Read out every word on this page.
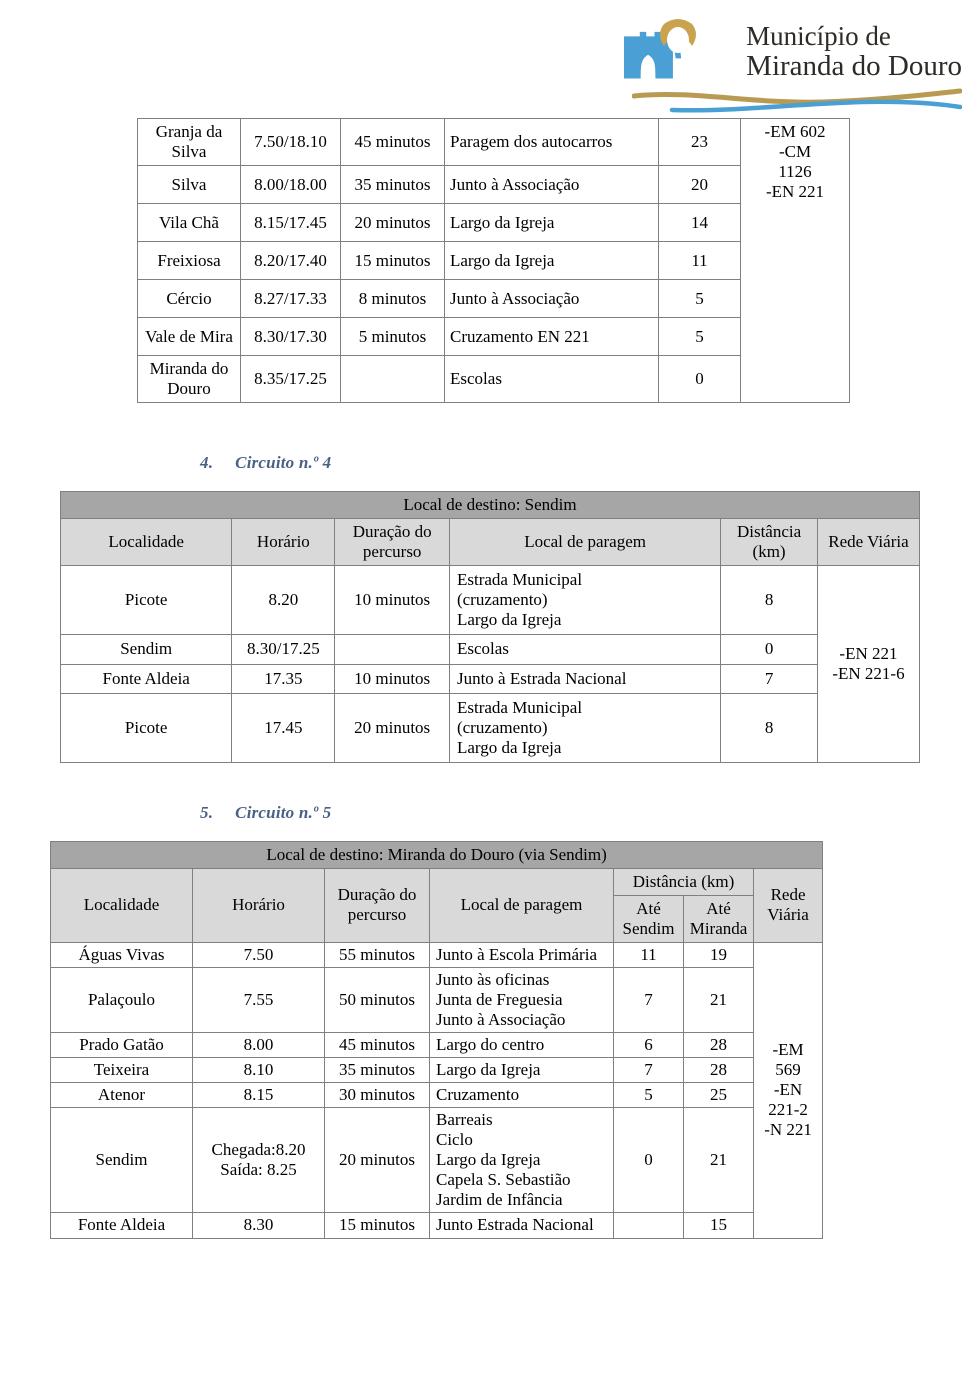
Município de
Miranda do Douro
Granja da Silva	7.50/18.10	45 minutos	Paragem dos autocarros	23	-EM 602
-CM
1126
-EN 221
Silva	8.00/18.00	35 minutos	Junto à Associação	20	
Vila Chã	8.15/17.45	20 minutos	Largo da Igreja	14	
Freixiosa	8.20/17.40	15 minutos	Largo da Igreja	11	
Cércio	8.27/17.33	8 minutos	Junto à Associação	5	
Vale de Mira	8.30/17.30	5 minutos	Cruzamento EN 221	5	
Miranda do Douro	8.35/17.25		Escolas	0	

4. Circuito n.º 4

Local de destino: Sendim					
Localidade	Horário	Duração do percurso	Local de paragem	Distância (km)	Rede Viária
Picote	8.20	10 minutos	Estrada Municipal
(cruzamento)
Largo da Igreja	8	-EN 221
-EN 221-6
Sendim	8.30/17.25		Escolas	0	
Fonte Aldeia	17.35	10 minutos	Junto à Estrada Nacional	7	
Picote	17.45	20 minutos	Estrada Municipal
(cruzamento)
Largo da Igreja	8	

5. Circuito n.º 5

Local de destino: Miranda do Douro (via Sendim)						
Localidade	Horário	Duração do percurso	Local de paragem	Distância (km)		Rede Viária
				Até Sendim	Até Miranda	
Águas Vivas	7.50	55 minutos	Junto à Escola Primária	11	19	-EM 569
-EN 221-2
-N 221
Palaçoulo	7.55	50 minutos	Junto às oficinas
Junta de Freguesia
Junto à Associação	7	21	
Prado Gatão	8.00	45 minutos	Largo do centro	6	28	
Teixeira	8.10	35 minutos	Largo da Igreja	7	28	
Atenor	8.15	30 minutos	Cruzamento	5	25	
Sendim	Chegada:8.20
Saída: 8.25	20 minutos	Barreais
Ciclo
Largo da Igreja
Capela S. Sebastião
Jardim de Infância	0	21	
Fonte Aldeia	8.30	15 minutos	Junto Estrada Nacional		15	
